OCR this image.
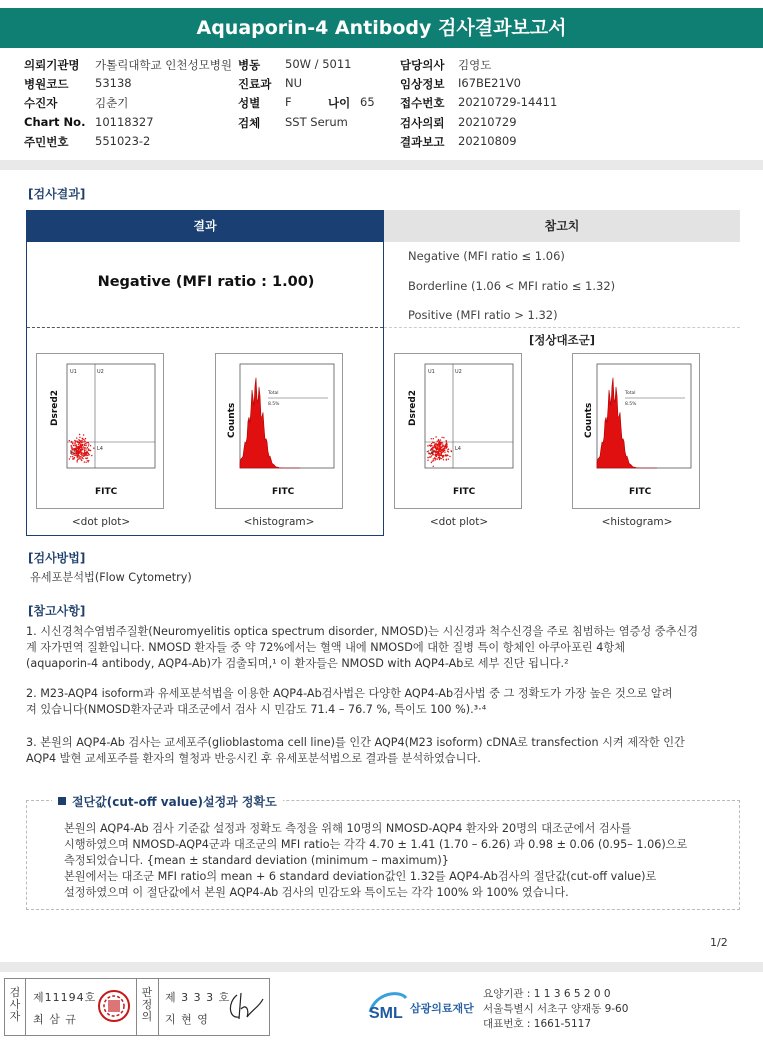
Aquaporin-4 Antibody 검사결과보고서
의뢰기관명 가톨릭대학교 인천성모병원 병동 50W / 5011	담당의사 김영도
병원코드 53138	진료과 NU	임상정보 I67BE21V0
수진자	김춘기	성별 F	나이 65 접수번호 20210729-14411
Chart No. 10118327	검체 SST Serum	검사의뢰 20210729
주민번호 551023-2	결과보고 20210809
[검사결과]
결과	참고치
Negative (MFI ratio : 1.00)
Negative (MFI ratio ≤ 1.06)
Borderline (1.06 < MFI ratio ≤ 1.32)
Positive (MFI ratio > 1.32)
[정상대조군]
U1	U2
L3
L4
Dsred2
FITC
<dot plot>
Total
8.5%
Counts
FITC
<histogram>
U1	U2
L3
L4
Dsred2
FITC
<dot plot>
Total
8.5%
Counts
FITC
<histogram>
[검사방법]
유세포분석법(Flow Cytometry)
[참고사항]
1. 시신경척수염범주질환(Neuromyelitis optica spectrum disorder, NMOSD)는 시신경과 척수신경을 주로 침범하는 염증성 중추신경
계 자가면역 질환입니다. NMOSD 환자들 중 약 72%에서는 혈액 내에 NMOSD에 대한 질병 특이 항체인 아쿠아포린 4항체
(aquaporin-4 antibody, AQP4-Ab)가 검출되며,¹ 이 환자들은 NMOSD with AQP4-Ab로 세부 진단 됩니다.²
2. M23-AQP4 isoform과 유세포분석법을 이용한 AQP4-Ab검사법은 다양한 AQP4-Ab검사법 중 그 정확도가 가장 높은 것으로 알려
져 있습니다(NMOSD환자군과 대조군에서 검사 시 민감도 71.4 – 76.7 %, 특이도 100 %).³·⁴
3. 본원의 AQP4-Ab 검사는 교세포주(glioblastoma cell line)를 인간 AQP4(M23 isoform) cDNA로 transfection 시켜 제작한 인간
AQP4 발현 교세포주를 환자의 혈청과 반응시킨 후 유세포분석법으로 결과를 분석하였습니다.
절단값(cut-off value)설정과 정확도
본원의 AQP4-Ab 검사 기준값 설정과 정확도 측정을 위해 10명의 NMOSD-AQP4 환자와 20명의 대조군에서 검사를
시행하였으며 NMOSD-AQP4군과 대조군의 MFI ratio는 각각 4.70 ± 1.41 (1.70 – 6.26) 과 0.98 ± 0.06 (0.95– 1.06)으로
측정되었습니다. {mean ± standard deviation (minimum – maximum)}
본원에서는 대조군 MFI ratio의 mean + 6 standard deviation값인 1.32를 AQP4-Ab검사의 절단값(cut-off value)로
설정하였으며 이 절단값에서 본원 AQP4-Ab 검사의 민감도와 특이도는 각각 100% 와 100% 였습니다.
1/2
검
사
자
제11194호
최 삼 규
판
정
의
제 3 3 3 호
지 현 영	SML 삼광의료재단
요양기관 : 1 1 3 6 5 2 0 0
서울특별시 서초구 양재동 9-60
대표번호 : 1661-5117
